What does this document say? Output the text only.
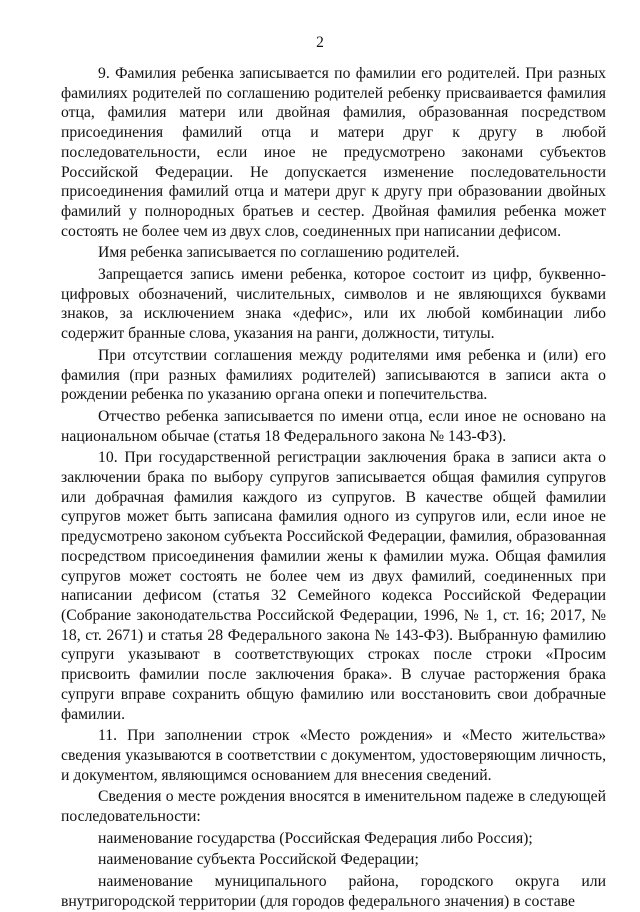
2

9. Фамилия ребенка записывается по фамилии его родителей. При разных фамилиях родителей по соглашению родителей ребенку присваивается фамилия отца, фамилия матери или двойная фамилия, образованная посредством присоединения фамилий отца и матери друг к другу в любой последовательности, если иное не предусмотрено законами субъектов Российской Федерации. Не допускается изменение последовательности присоединения фамилий отца и матери друг к другу при образовании двойных фамилий у полнородных братьев и сестер. Двойная фамилия ребенка может состоять не более чем из двух слов, соединенных при написании дефисом.

Имя ребенка записывается по соглашению родителей.

Запрещается запись имени ребенка, которое состоит из цифр, буквенно-цифровых обозначений, числительных, символов и не являющихся буквами знаков, за исключением знака «дефис», или их любой комбинации либо содержит бранные слова, указания на ранги, должности, титулы.

При отсутствии соглашения между родителями имя ребенка и (или) его фамилия (при разных фамилиях родителей) записываются в записи акта о рождении ребенка по указанию органа опеки и попечительства.

Отчество ребенка записывается по имени отца, если иное не основано на национальном обычае (статья 18 Федерального закона № 143-ФЗ).

10. При государственной регистрации заключения брака в записи акта о заключении брака по выбору супругов записывается общая фамилия супругов или добрачная фамилия каждого из супругов. В качестве общей фамилии супругов может быть записана фамилия одного из супругов или, если иное не предусмотрено законом субъекта Российской Федерации, фамилия, образованная посредством присоединения фамилии жены к фамилии мужа. Общая фамилия супругов может состоять не более чем из двух фамилий, соединенных при написании дефисом (статья 32 Семейного кодекса Российской Федерации (Собрание законодательства Российской Федерации, 1996, № 1, ст. 16; 2017, № 18, ст. 2671) и статья 28 Федерального закона № 143-ФЗ). Выбранную фамилию супруги указывают в соответствующих строках после строки «Просим присвоить фамилии после заключения брака». В случае расторжения брака супруги вправе сохранить общую фамилию или восстановить свои добрачные фамилии.

11. При заполнении строк «Место рождения» и «Место жительства» сведения указываются в соответствии с документом, удостоверяющим личность, и документом, являющимся основанием для внесения сведений.

Сведения о месте рождения вносятся в именительном падеже в следующей последовательности:

наименование государства (Российская Федерация либо Россия);

наименование субъекта Российской Федерации;

наименование муниципального района, городского округа или внутригородской территории (для городов федерального значения) в составе
